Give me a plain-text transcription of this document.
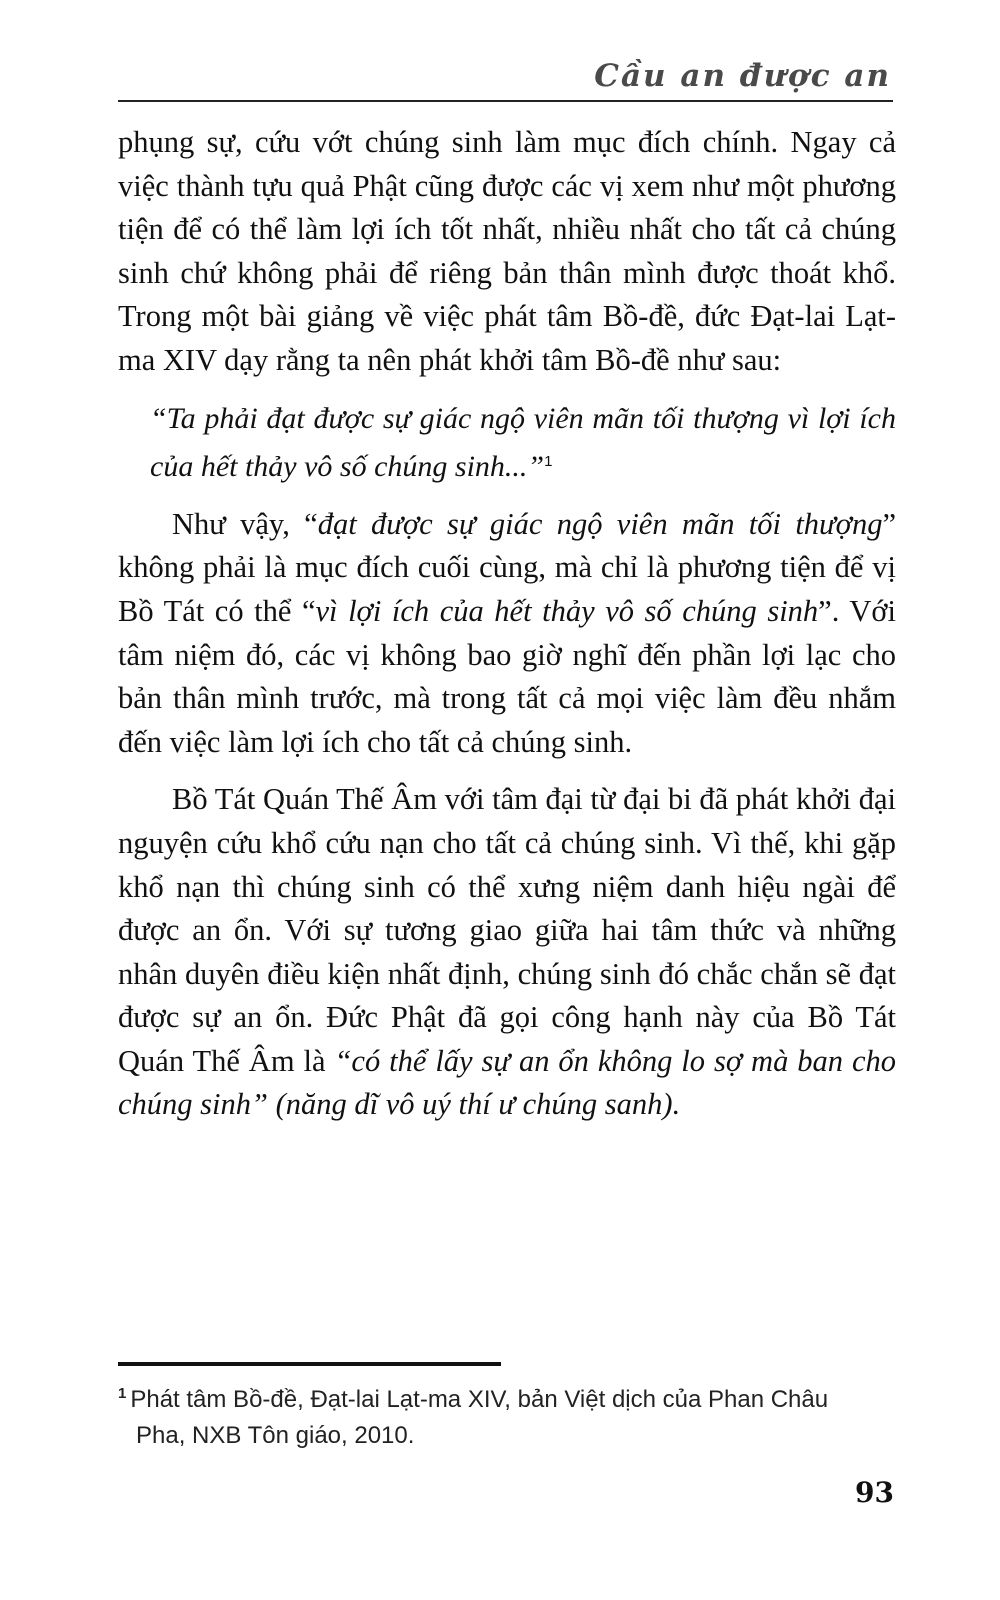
Cầu an được an

phụng sự, cứu vớt chúng sinh làm mục đích chính. Ngay cả việc thành tựu quả Phật cũng được các vị xem như một phương tiện để có thể làm lợi ích tốt nhất, nhiều nhất cho tất cả chúng sinh chứ không phải để riêng bản thân mình được thoát khổ. Trong một bài giảng về việc phát tâm Bồ-đề, đức Đạt-lai Lạt-ma XIV dạy rằng ta nên phát khởi tâm Bồ-đề như sau:

“Ta phải đạt được sự giác ngộ viên mãn tối thượng vì lợi ích của hết thảy vô số chúng sinh...”$^1$

Như vậy, “đạt được sự giác ngộ viên mãn tối thượng” không phải là mục đích cuối cùng, mà chỉ là phương tiện để vị Bồ Tát có thể “vì lợi ích của hết thảy vô số chúng sinh”. Với tâm niệm đó, các vị không bao giờ nghĩ đến phần lợi lạc cho bản thân mình trước, mà trong tất cả mọi việc làm đều nhắm đến việc làm lợi ích cho tất cả chúng sinh.

Bồ Tát Quán Thế Âm với tâm đại từ đại bi đã phát khởi đại nguyện cứu khổ cứu nạn cho tất cả chúng sinh. Vì thế, khi gặp khổ nạn thì chúng sinh có thể xưng niệm danh hiệu ngài để được an ổn. Với sự tương giao giữa hai tâm thức và những nhân duyên điều kiện nhất định, chúng sinh đó chắc chắn sẽ đạt được sự an ổn. Đức Phật đã gọi công hạnh này của Bồ Tát Quán Thế Âm là “có thể lấy sự an ổn không lo sợ mà ban cho chúng sinh” (năng dĩ vô uý thí ư chúng sanh).

$^1$ Phát tâm Bồ-đề, Đạt-lai Lạt-ma XIV, bản Việt dịch của Phan Châu
Pha, NXB Tôn giáo, 2010.
93
